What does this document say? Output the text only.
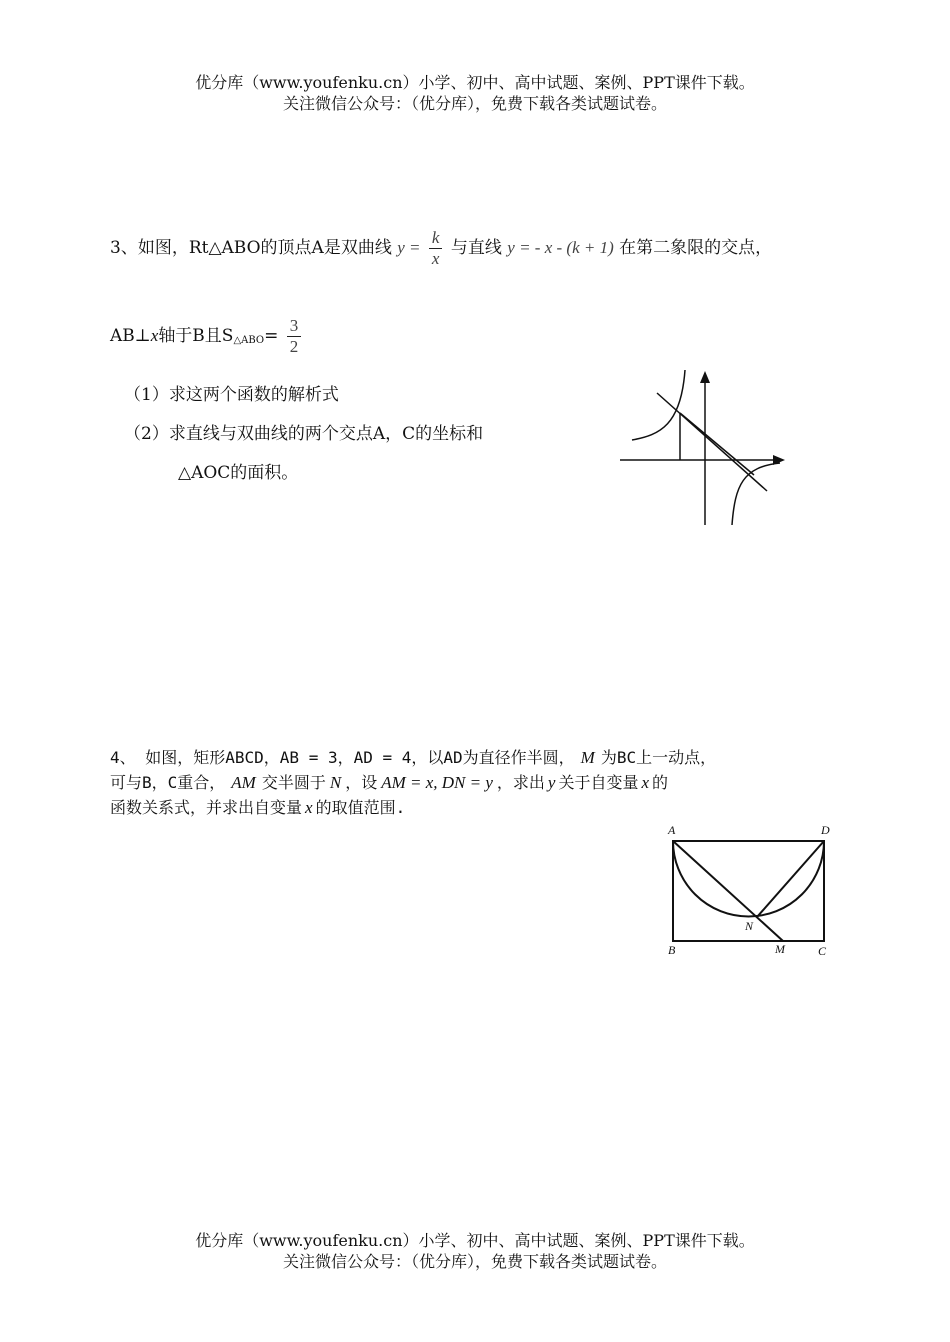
优分库（www.youfenku.cn）小学、初中、高中试题、案例、PPT课件下载。
关注微信公众号：（优分库），免费下载各类试题试卷。
3、如图，Rt△ABO的顶点A是双曲线 $y = \frac{k}{x}$ 与直线 y = - x - (k + 1) 在第二象限的交点，
AB⊥x轴于B且$S_{\triangle ABO}= \frac{3}{2}$
（1）求这两个函数的解析式
（2）求直线与双曲线的两个交点A，C的坐标和
△AOC的面积。
4、 如图，矩形ABCD，AB = 3，AD = 4，以AD为直径作半圆， M 为BC上一动点，
可与B，C重合， AM 交半圆于 N ，设 AM = x, DN = y ，求出 y 关于自变量 x 的
函数关系式，并求出自变量 x 的取值范围.
A	D
B	C
M
N
优分库（www.youfenku.cn）小学、初中、高中试题、案例、PPT课件下载。
关注微信公众号：（优分库），免费下载各类试题试卷。
